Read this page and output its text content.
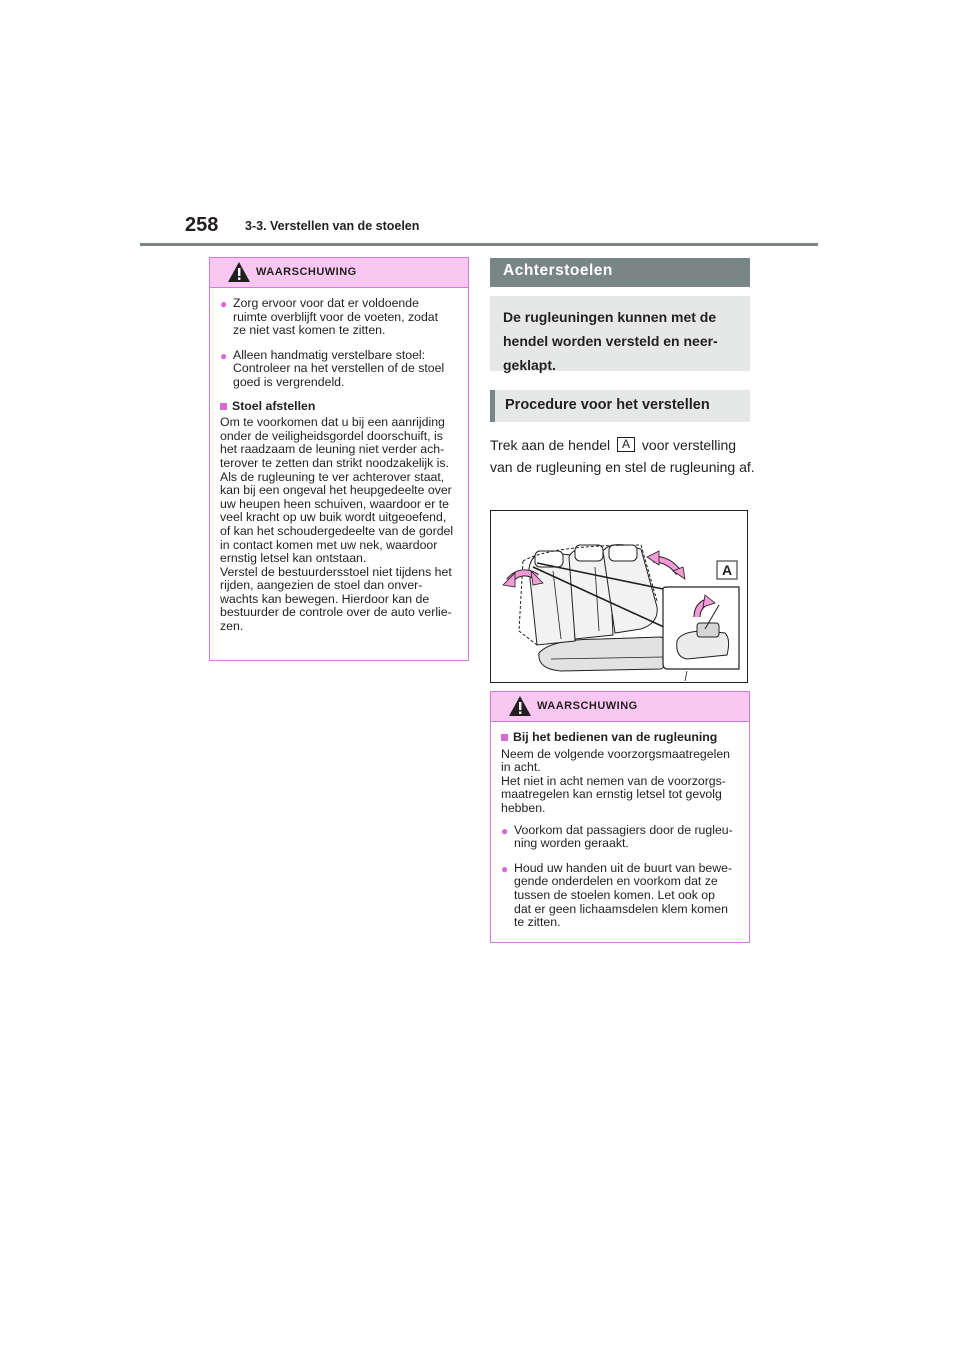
258 3-3. Verstellen van de stoelen
WAARSCHUWING
● Zorg ervoor voor dat er voldoende
ruimte overblijft voor de voeten, zodat
ze niet vast komen te zitten.
● Alleen handmatig verstelbare stoel:
Controleer na het verstellen of de stoel
goed is vergrendeld.
Stoel afstellen
Om te voorkomen dat u bij een aanrijding
onder de veiligheidsgordel doorschuift, is
het raadzaam de leuning niet verder ach-
terover te zetten dan strikt noodzakelijk is.
Als de rugleuning te ver achterover staat,
kan bij een ongeval het heupgedeelte over
uw heupen heen schuiven, waardoor er te
veel kracht op uw buik wordt uitgeoefend,
of kan het schoudergedeelte van de gordel
in contact komen met uw nek, waardoor
ernstig letsel kan ontstaan.
Verstel de bestuurdersstoel niet tijdens het
rijden, aangezien de stoel dan onver-
wachts kan bewegen. Hierdoor kan de
bestuurder de controle over de auto verlie-
zen.
Achterstoelen
De rugleuningen kunnen met de
hendel worden versteld en neer-
geklapt.
Procedure voor het verstellen
Trek aan de hendel A voor verstelling van de rugleuning en stel de rugleuning af.
A
WAARSCHUWING
Bij het bedienen van de rugleuning
Neem de volgende voorzorgsmaatregelen
in acht.
Het niet in acht nemen van de voorzorgs-
maatregelen kan ernstig letsel tot gevolg
hebben.
● Voorkom dat passagiers door de rugleu-
ning worden geraakt.
● Houd uw handen uit de buurt van bewe-
gende onderdelen en voorkom dat ze
tussen de stoelen komen. Let ook op
dat er geen lichaamsdelen klem komen
te zitten.
